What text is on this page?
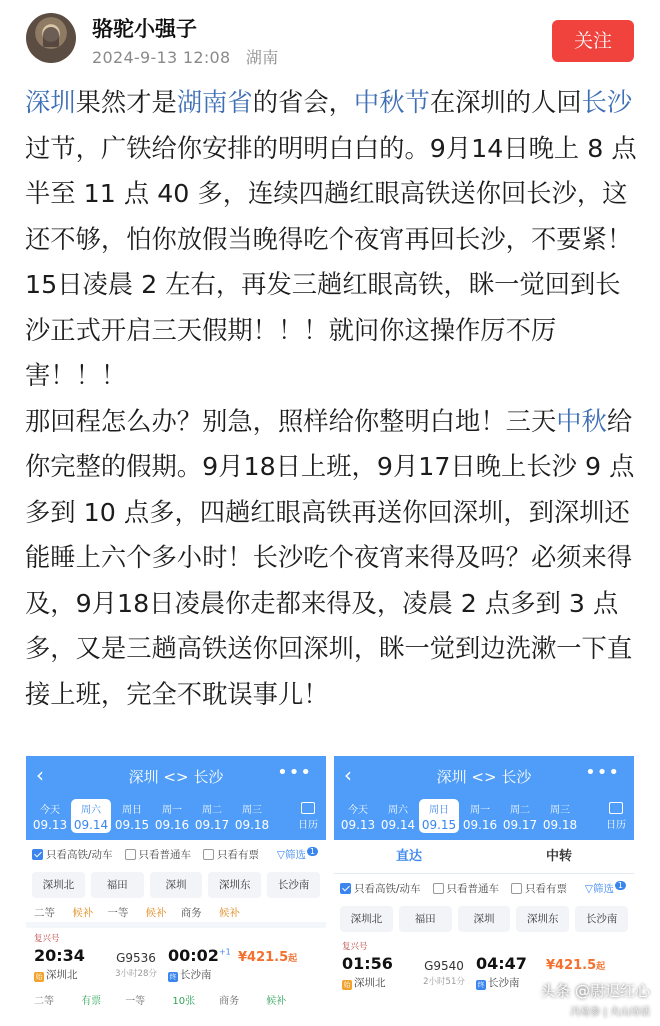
骆驼小强子
2024-9-13 12:08 湖南
关注

深圳果然才是湖南省的省会，中秋节在深圳的人回长沙过节，广铁给你安排的明明白白的。9月14日晚上 8 点半至 11 点 40 多，连续四趟红眼高铁送你回长沙，这还不够，怕你放假当晚得吃个夜宵再回长沙，不要紧！15日凌晨 2 左右，再发三趟红眼高铁，眯一觉回到长沙正式开启三天假期！！！就问你这操作厉不厉害！！！

那回程怎么办？别急，照样给你整明白地！三天中秋给你完整的假期。9月18日上班，9月17日晚上长沙 9 点多到 10 点多，四趟红眼高铁再送你回深圳，到深圳还能睡上六个多小时！长沙吃个夜宵来得及吗？必须来得及，9月18日凌晨你走都来得及，凌晨 2 点多到 3 点多，又是三趟高铁送你回深圳，眯一觉到边洗漱一下直接上班，完全不耽误事儿！

‹	深圳 <> 长沙	•••
今天
09.13
周六
09.14
周日
09.15
周一
09.16
周二
09.17
周三
09.18	日历
只看高铁/动车 只看普通车 只看有票 ▽筛选 1
深圳北	福田	深圳	深圳东	长沙南
二等 候补 一等 候补 商务 候补
复兴号
20:34	G9536 $00:02^{+1}$ ¥421.5起
始 深圳北	3小时28分	终 长沙南
二等 有票 一等 10张 商务 候补
‹	深圳 <> 长沙	•••
今天
09.13
周六
09.14
周日
09.15
周一
09.16
周二
09.17
周三
09.18	日历
直达	中转
只看高铁/动车 只看普通车 只看有票 ▽筛选 1
深圳北	福田	深圳	深圳东	长沙南
复兴号
01:56	G9540 04:47	¥421.5起
始 深圳北	2小时51分	终 长沙南 头条 @尉迟红心
冯易参 | 火山诗话
